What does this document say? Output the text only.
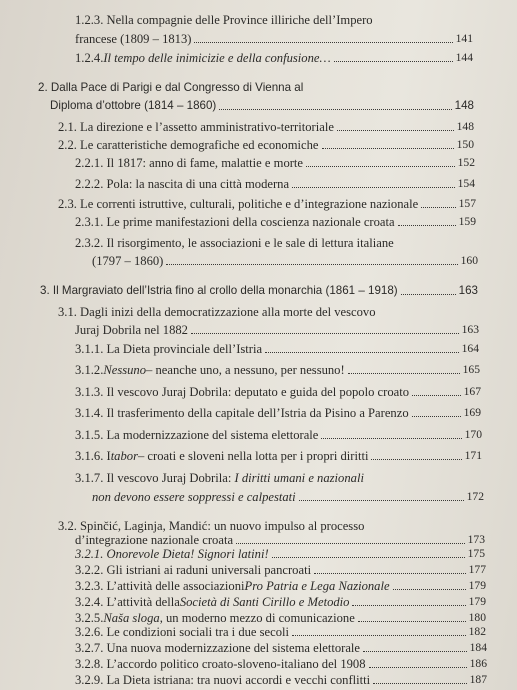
1.2.3. Nella compagnie delle Province illiriche dell’Impero
francese (1809 – 1813)	141
1.2.4. Il tempo delle inimicizie e della confusione…	144
2. Dalla Pace di Parigi e dal Congresso di Vienna al
Diploma d’ottobre (1814 – 1860)	148
2.1. La direzione e l’assetto amministrativo-territoriale	148
2.2. Le caratteristiche demografiche ed economiche	150
2.2.1. Il 1817: anno di fame, malattie e morte	152
2.2.2. Pola: la nascita di una città moderna	154
2.3. Le correnti istruttive, culturali, politiche e d’integrazione nazionale	157
2.3.1. Le prime manifestazioni della coscienza nazionale croata	159
2.3.2. Il risorgimento, le associazioni e le sale di lettura italiane
(1797 – 1860)	160
3. Il Margraviato dell’Istria fino al crollo della monarchia (1861 – 1918)	163
3.1. Dagli inizi della democratizzazione alla morte del vescovo
Juraj Dobrila nel 1882	163
3.1.1. La Dieta provinciale dell’Istria	164
3.1.2. Nessuno – neanche uno, a nessuno, per nessuno!	165
3.1.3. Il vescovo Juraj Dobrila: deputato e guida del popolo croato	167
3.1.4. Il trasferimento della capitale dell’Istria da Pisino a Parenzo	169
3.1.5. La modernizzazione del sistema elettorale	170
3.1.6. I tabor – croati e sloveni nella lotta per i propri diritti	171
3.1.7. Il vescovo Juraj Dobrila: I diritti umani e nazionali
non devono essere soppressi e calpestati	172
3.2. Spinčić, Laginja, Mandić: un nuovo impulso al processo
d’integrazione nazionale croata	173
3.2.1. Onorevole Dieta! Signori latini!	175
3.2.2. Gli istriani ai raduni universali pancroati	177
3.2.3. L’attività delle associazioni Pro Patria e Lega Nazionale	179
3.2.4. L’attività della Società di Santi Cirillo e Metodio	179
3.2.5. Naša sloga , un moderno mezzo di comunicazione	180
3.2.6. Le condizioni sociali tra i due secoli	182
3.2.7. Una nuova modernizzazione del sistema elettorale	184
3.2.8. L’accordo politico croato-sloveno-italiano del 1908	186
3.2.9. La Dieta istriana: tra nuovi accordi e vecchi conflitti	187
